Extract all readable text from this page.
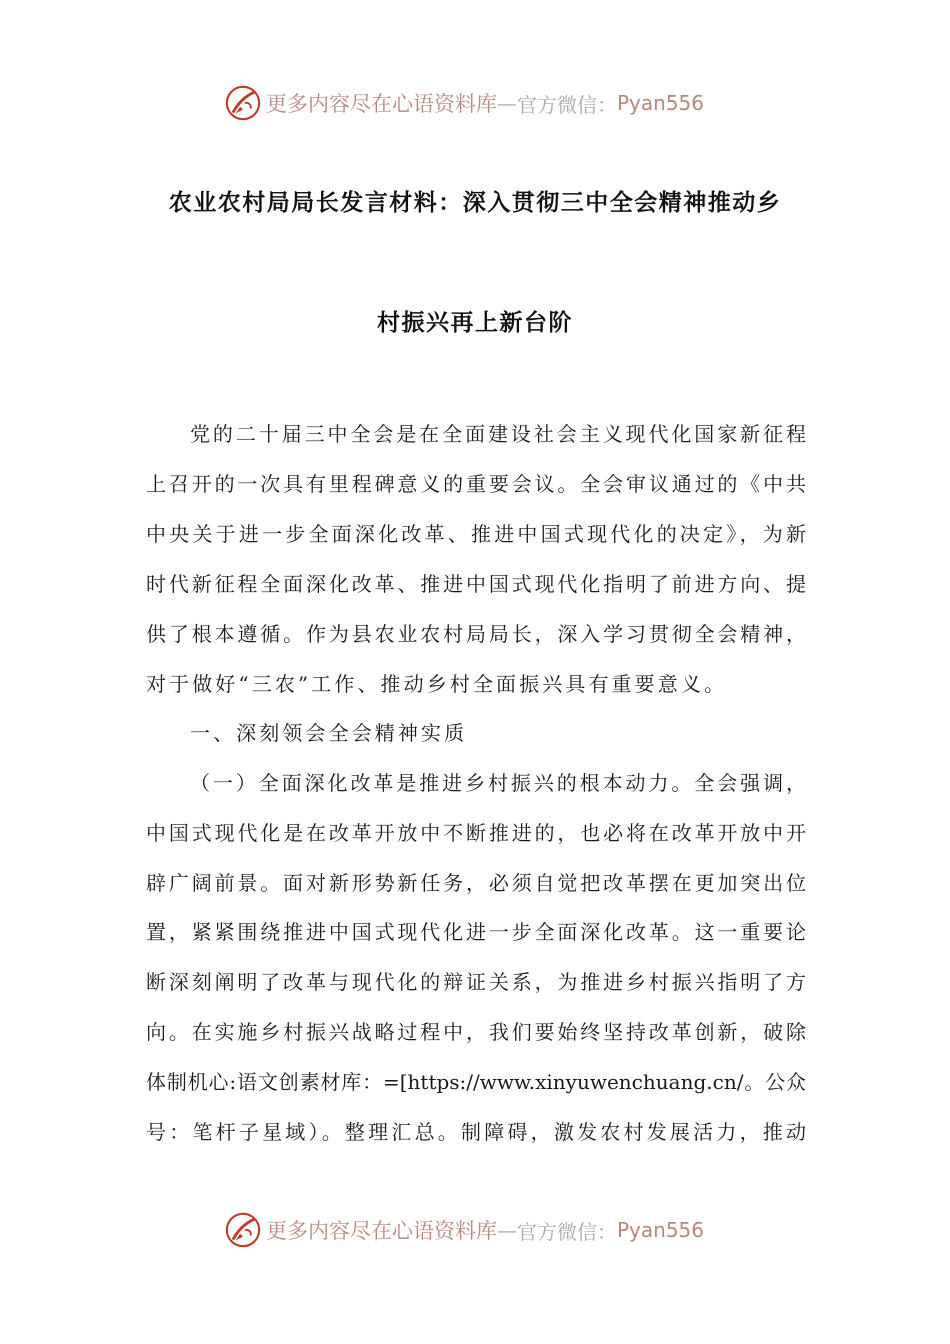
更多内容尽在心语资料库 — 官方微信： Pyan556
农业农村局局长发言材料：深入贯彻三中全会精神推动乡
村振兴再上新台阶
党的二十届三中全会是在全面建设社会主义现代化国家新征程
上召开的一次具有里程碑意义的重要会议。全会审议通过的《中共
中央关于进一步全面深化改革、推进中国式现代化的决定》，为新
时代新征程全面深化改革、推进中国式现代化指明了前进方向、提
供了根本遵循。作为县农业农村局局长，深入学习贯彻全会精神，
对于做好“三农”工作、推动乡村全面振兴具有重要意义。
一、深刻领会全会精神实质
（一）全面深化改革是推进乡村振兴的根本动力。全会强调，
中国式现代化是在改革开放中不断推进的，也必将在改革开放中开
辟广阔前景。面对新形势新任务，必须自觉把改革摆在更加突出位
置，紧紧围绕推进中国式现代化进一步全面深化改革。这一重要论
断深刻阐明了改革与现代化的辩证关系，为推进乡村振兴指明了方
向。在实施乡村振兴战略过程中，我们要始终坚持改革创新，破除
体制机心:语文创素材库：=[https://www.xinyuwenchuang.cn/。公众
号：笔杆子星域）。整理汇总。制障碍，激发农村发展活力，推动
更多内容尽在心语资料库 — 官方微信： Pyan556
